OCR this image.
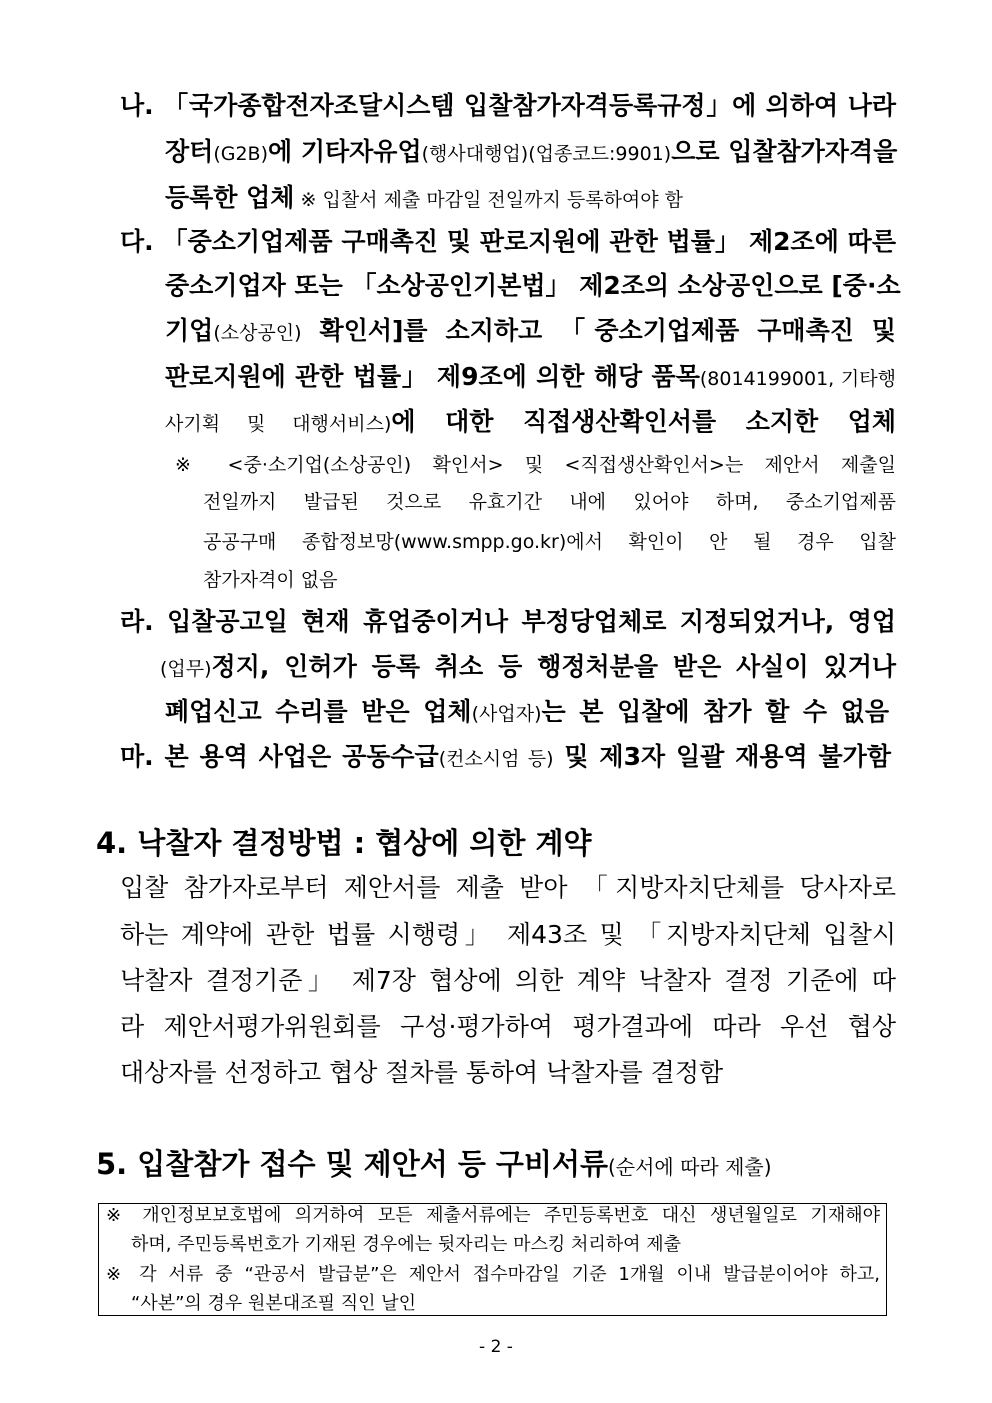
나. 「국가종합전자조달시스템 입찰참가자격등록규정」에 의하여 나라
장터(G2B)에 기타자유업(행사대행업)(업종코드:9901)으로 입찰참가자격을
등록한 업체 ※ 입찰서 제출 마감일 전일까지 등록하여야 함
다. 「중소기업제품 구매촉진 및 판로지원에 관한 법률」 제2조에 따른
중소기업자 또는 「소상공인기본법」 제2조의 소상공인으로 [중·소
기업(소상공인) 확인서]를 소지하고 「중소기업제품 구매촉진 및
판로지원에 관한 법률」 제9조에 의한 해당 품목(8014199001, 기타행
사기획 및 대행서비스)에 대한 직접생산확인서를 소지한 업체
※ <중·소기업(소상공인) 확인서> 및 <직접생산확인서>는 제안서 제출일
전일까지 발급된 것으로 유효기간 내에 있어야 하며, 중소기업제품
공공구매 종합정보망(www.smpp.go.kr)에서 확인이 안 될 경우 입찰
참가자격이 없음
라. 입찰공고일 현재 휴업중이거나 부정당업체로 지정되었거나, 영업
(업무)정지, 인허가 등록 취소 등 행정처분을 받은 사실이 있거나
폐업신고 수리를 받은 업체(사업자)는 본 입찰에 참가 할 수 없음
마. 본 용역 사업은 공동수급(컨소시엄 등) 및 제3자 일괄 재용역 불가함
4. 낙찰자 결정방법 : 협상에 의한 계약
입찰 참가자로부터 제안서를 제출 받아 「지방자치단체를 당사자로
하는 계약에 관한 법률 시행령」 제43조 및 「지방자치단체 입찰시
낙찰자 결정기준」 제7장 협상에 의한 계약 낙찰자 결정 기준에 따
라 제안서평가위원회를 구성·평가하여 평가결과에 따라 우선 협상
대상자를 선정하고 협상 절차를 통하여 낙찰자를 결정함
5. 입찰참가 접수 및 제안서 등 구비서류(순서에 따라 제출)
※ 개인정보보호법에 의거하여 모든 제출서류에는 주민등록번호 대신 생년월일로 기재해야
하며, 주민등록번호가 기재된 경우에는 뒷자리는 마스킹 처리하여 제출
※ 각 서류 중 “관공서 발급분”은 제안서 접수마감일 기준 1개월 이내 발급분이어야 하고,
“사본”의 경우 원본대조필 직인 날인
- 2 -
